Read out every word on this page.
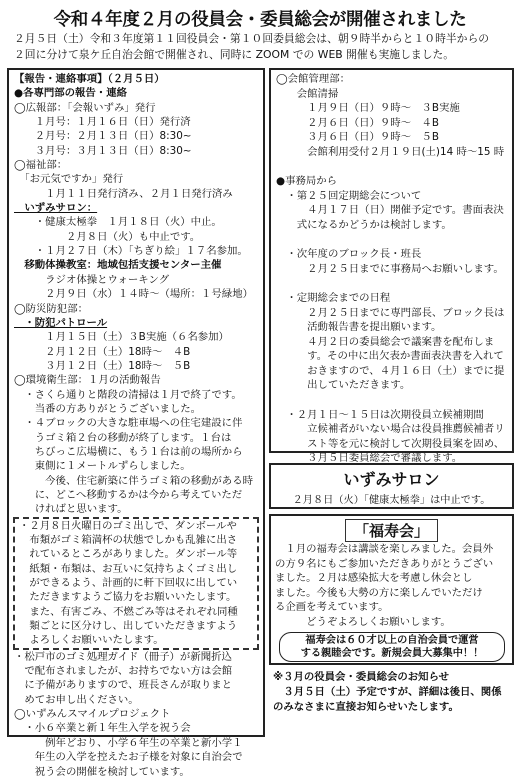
令和４年度２月の役員会・委員総会が開催されました
２月５日（土）令和３年度第１１回役員会・第１０回委員総会は、朝９時半からと１０時半からの
２回に分けて泉ケ丘自治会館で開催され、同時に ZOOM での WEB 開催も実施しました。
【報告・連絡事項】（２月５日）
●各専門部の報告・連絡
◯広報部：「会報いずみ」発行
　　１月号：１月１６日（日）発行済
　　２月号：２月１３日（日）8:30~
　　３月号：３月１３日（日）8:30~
◯福祉部：
　「お元気ですか」発行
　　　１月１１日発行済み、２月１日発行済み
　いずみサロン：
　　・健康太極拳　１月１８日（火）中止。
　　　　　２月８日（火）も中止です。
　　・１月２７日（木）「ちぎり絵」１７名参加。
　移動体操教室：地域包括支援センター主催
　　　ラジオ体操とウォーキング
　　　２月９日（水）１４時～（場所：１号緑地）
◯防災防犯部：
　・防犯パトロール
　　　１月１５日（土）３B実施（６名参加）
　　　２月１２日（土）18時～　４B
　　　３月１２日（土）18時～　５B
◯環境衛生部：１月の活動報告
　・さくら通りと階段の清掃は１月で終了です。
　　当番の方ありがとうございました。
　・４ブロックの大きな駐車場への住宅建設に伴
　　うゴミ箱２台の移動が終了します。１台は
　　ちびっこ広場横に、もう１台は前の場所から
　　東側に１メートルずらしました。
　　　今後、住宅新築に伴うゴミ箱の移動がある時
　　に、どこへ移動するかは今から考えていただ
　　ければと思います。
・２月８日火曜日のゴミ出しで、ダンボールや
　布類がゴミ箱満杯の状態でしかも乱雑に出さ
　れているところがありました。ダンボール等
　紙類・布類は、お互いに気持ちよくゴミ出し
　ができるよう、計画的に軒下回収に出してい
　ただきますようご協力をお願いいたします。
　また、有害ごみ、不燃ごみ等はそれぞれ同種
　類ごとに区分けし、出していただきますよう
　よろしくお願いいたします。
・松戸市のゴミ処理ガイド（冊子）が新聞折込
　で配布されましたが、お持ちでない方は会館
　に予備がありますので、班長さんが取りまと
　めてお申し出ください。
◯いずみんスマイルプロジェクト
　・小６卒業と新１年生入学を祝う会
　　　例年どおり、小学６年生の卒業と新小学１
　　年生の入学を控えたお子様を対象に自治会で
　　祝う会の開催を検討しています。
◯会館管理部：
　　会館清掃
　　　１月９日（日）９時～　３B実施
　　　２月６日（日）９時～　４B
　　　３月６日（日）９時～　５B
　　　会館利用受付２月１９日(土)14 時～15 時

●事務局から
　・第２５回定期総会について
　　　４月１７日（日）開催予定です。書面表決
　　式になるかどうかは検討します。

　・次年度のブロック長・班長
　　　２月２５日までに事務局へお願いします。

　・定期総会までの日程
　　　２月２５日までに専門部長、ブロック長は
　　　活動報告書を提出願います。
　　　４月２日の委員総会で議案書を配布しま
　　　す。その中に出欠表か書面表決書を入れて
　　　おきますので、４月１６日（土）までに提
　　　出していただきます。

　・２月１日～１５日は次期役員立候補期間
　　　立候補者がいない場合は役員推薦候補者リ
　　　スト等を元に検討して次期役員案を固め、
　　　３月５日委員総会で審議します。
いずみサロン
２月８日（火）「健康太極拳」は中止です。
「福寿会」
　１月の福寿会は講談を楽しみました。会員外
の方９名にもご参加いただきありがとうござい
ました。２月は感染拡大を考慮し休会とし
ました。今後も大勢の方に楽しんでいただけ
る企画を考えています。
　　　どうぞよろしくお願いします。
福寿会は６０才以上の自治会員で運営
する親睦会です。新規会員大募集中！！
※３月の役員会・委員総会のお知らせ
　３月５日（土）予定ですが、詳細は後日、関係
のみなさまに直接お知らせいたします。
